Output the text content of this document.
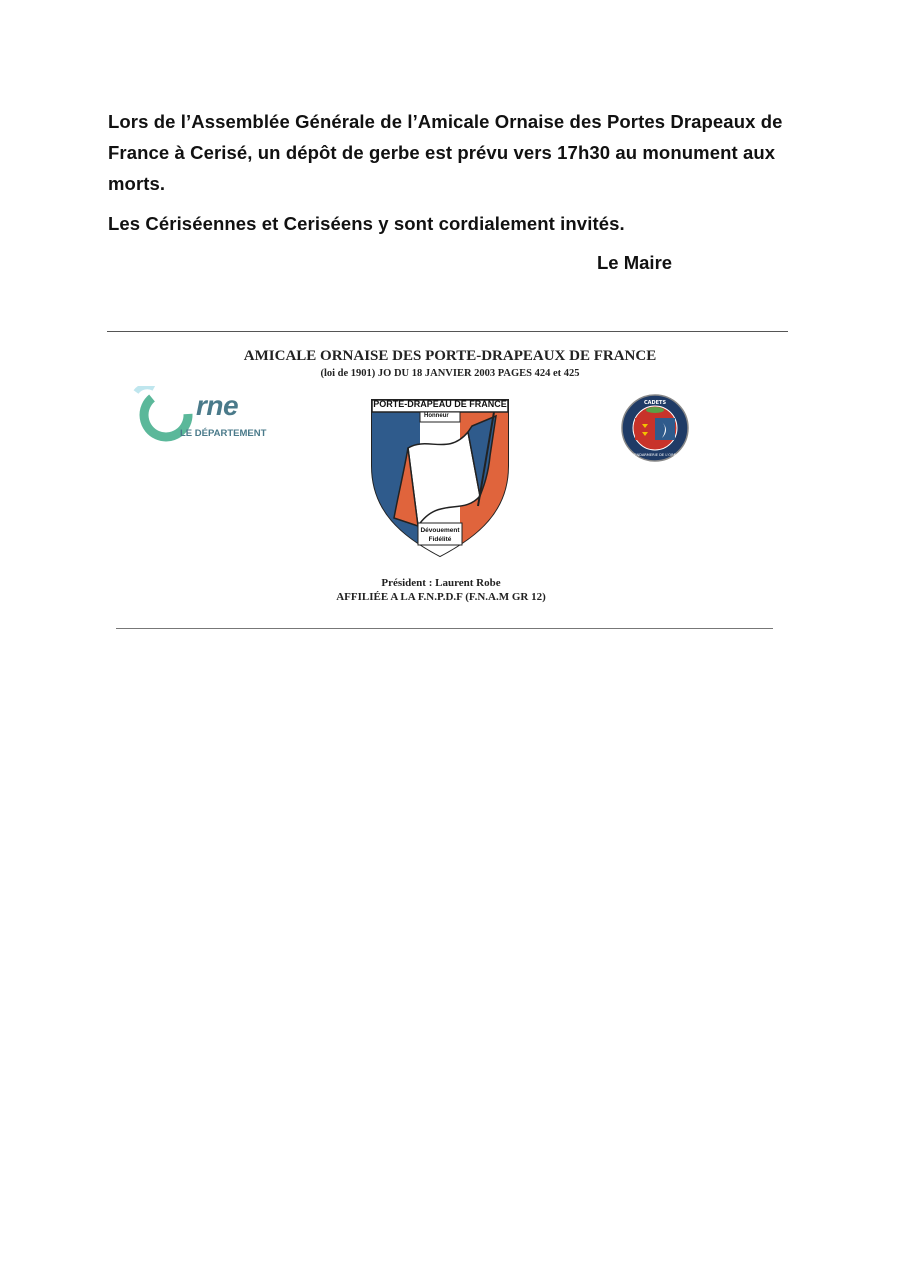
Lors de l’Assemblée Générale de l’Amicale Ornaise des Portes Drapeaux de France à Cerisé, un dépôt de gerbe est prévu vers 17h30 au monument aux morts.

Les Cériséennes et Ceriséens y sont cordialement invités.

Le Maire
AMICALE ORNAISE DES PORTE-DRAPEAUX DE FRANCE
(loi de 1901) JO DU 18 JANVIER 2003 PAGES 424 et 425
rne
LE DÉPARTEMENT
PORTE-DRAPEAU DE FRANCE
Honneur
Dévouement
Fidélité
CADETS
GENDARMERIE DE L'ORNE
Président : Laurent Robe
AFFILIÉE A LA F.N.P.D.F (F.N.A.M GR 12)
